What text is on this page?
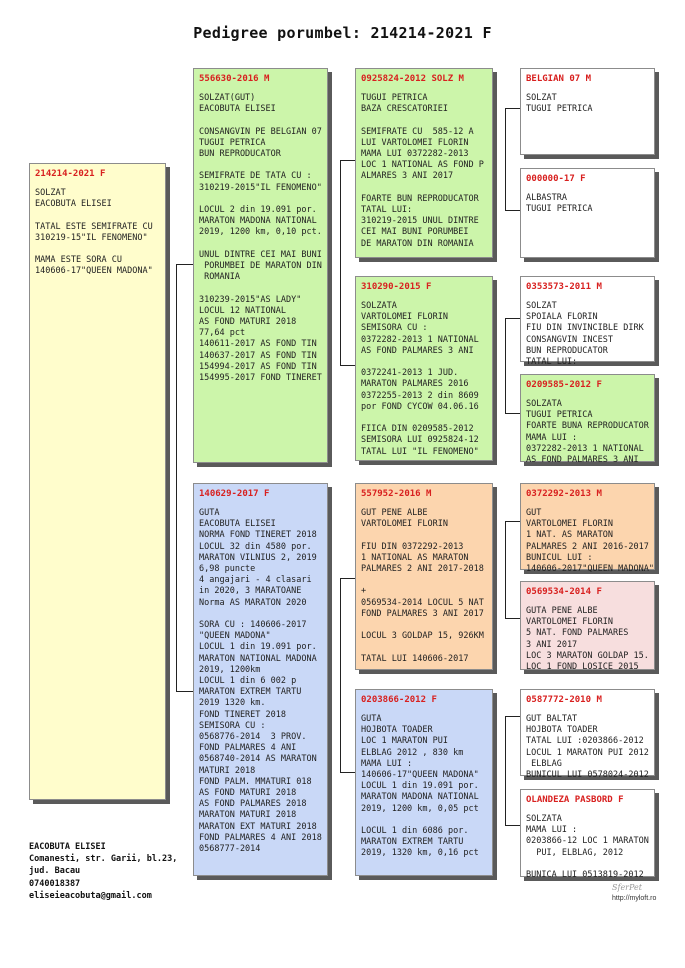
Pedigree porumbel: 214214-2021 F
214214-2021 F
SOLZAT
EACOBUTA ELISEI

TATAL ESTE SEMIFRATE CU
310219-15"IL FENOMENO"

MAMA ESTE SORA CU
140606-17"QUEEN MADONA"
556630-2016 M
SOLZAT(GUT)
EACOBUTA ELISEI

CONSANGVIN PE BELGIAN 07
TUGUI PETRICA
BUN REPRODUCATOR

SEMIFRATE DE TATA CU :
310219-2015"IL FENOMENO"

LOCUL 2 din 19.091 por.
MARATON MADONA NATIONAL
2019, 1200 km, 0,10 pct.

UNUL DINTRE CEI MAI BUNI
PORUMBEI DE MARATON DIN
ROMANIA

310239-2015"AS LADY"
LOCUL 12 NATIONAL
AS FOND MATURI 2018
77,64 pct
140611-2017 AS FOND TIN
140637-2017 AS FOND TIN
154994-2017 AS FOND TIN
154995-2017 FOND TINERET
140629-2017 F
GUTA
EACOBUTA ELISEI
NORMA FOND TINERET 2018
LOCUL 32 din 4580 por.
MARATON VILNIUS 2, 2019
6,98 puncte
4 angajari - 4 clasari
in 2020, 3 MARATOANE
Norma AS MARATON 2020

SORA CU : 140606-2017
"QUEEN MADONA"
LOCUL 1 din 19.091 por.
MARATON NATIONAL MADONA
2019, 1200km
LOCUL 1 din 6 002 p
MARATON EXTREM TARTU
2019 1320 km.
FOND TINERET 2018
SEMISORA CU :
0568776-2014  3 PROV.
FOND PALMARES 4 ANI
0568740-2014 AS MARATON
MATURI 2018
FOND PALM. MMATURI 018
AS FOND MATURI 2018
AS FOND PALMARES 2018
MARATON MATURI 2018
MARATON EXT MATURI 2018
FOND PALMARES 4 ANI 2018
0568777-2014
0925824-2012 SOLZ M
TUGUI PETRICA
BAZA CRESCATORIEI

SEMIFRATE CU  585-12 A
LUI VARTOLOMEI FLORIN
MAMA LUI 0372282-2013
LOC 1 NATIONAL AS FOND P
ALMARES 3 ANI 2017

FOARTE BUN REPRODUCATOR
TATAL LUI:
310219-2015 UNUL DINTRE
CEI MAI BUNI PORUMBEI
DE MARATON DIN ROMANIA
310290-2015 F
SOLZATA
VARTOLOMEI FLORIN
SEMISORA CU :
0372282-2013 1 NATIONAL
AS FOND PALMARES 3 ANI

0372241-2013 1 JUD.
MARATON PALMARES 2016
0372255-2013 2 din 8609
por FOND CYCOW 04.06.16

FIICA DIN 0209585-2012
SEMISORA LUI 0925824-12
TATAL LUI "IL FENOMENO"
557952-2016 M
GUT PENE ALBE
VARTOLOMEI FLORIN

FIU DIN 0372292-2013
1 NATIONAL AS MARATON
PALMARES 2 ANI 2017-2018

+
0569534-2014 LOCUL 5 NAT
FOND PALMARES 3 ANI 2017

LOCUL 3 GOLDAP 15, 926KM

TATAL LUI 140606-2017
0203866-2012 F
GUTA
HOJBOTA TOADER
LOC 1 MARATON PUI
ELBLAG 2012 , 830 km
MAMA LUI :
140606-17"QUEEN MADONA"
LOCUL 1 din 19.091 por.
MARATON MADONA NATIONAL
2019, 1200 km, 0,05 pct

LOCUL 1 din 6086 por.
MARATON EXTREM TARTU
2019, 1320 km, 0,16 pct
BELGIAN 07 M
SOLZAT
TUGUI PETRICA
000000-17 F
ALBASTRA
TUGUI PETRICA
0353573-2011 M
SOLZAT
SPOIALA FLORIN
FIU DIN INVINCIBLE DIRK
CONSANGVIN INCEST
BUN REPRODUCATOR
TATAL LUI:
0209585-2012 F
SOLZATA
TUGUI PETRICA
FOARTE BUNA REPRODUCATOR
MAMA LUI :
0372282-2013 1 NATIONAL
AS FOND PALMARES 3 ANI
0372292-2013 M
GUT
VARTOLOMEI FLORIN
1 NAT. AS MARATON
PALMARES 2 ANI 2016-2017
BUNICUL LUI :
140606-2017"QUEEN MADONA"
0569534-2014 F
GUTA PENE ALBE
VARTOLOMEI FLORIN
5 NAT. FOND PALMARES
3 ANI 2017
LOC 3 MARATON GOLDAP 15.
LOC 1 FOND LOSICE 2015
0587772-2010 M
GUT BALTAT
HOJBOTA TOADER
TATAL LUI :0203866-2012
LOCUL 1 MARATON PUI 2012
ELBLAG
BUNICUL LUI 0578024-2012
OLANDEZA PASBORD F
SOLZATA
MAMA LUI :
0203866-12 LOC 1 MARATON
PUI, ELBLAG, 2012

BUNICA LUI 0513819-2012
EACOBUTA ELISEI
Comanesti, str. Garii, bl.23,
jud. Bacau
0740018387
eliseieacobuta@gmail.com
SferPet
http://myloft.ro
